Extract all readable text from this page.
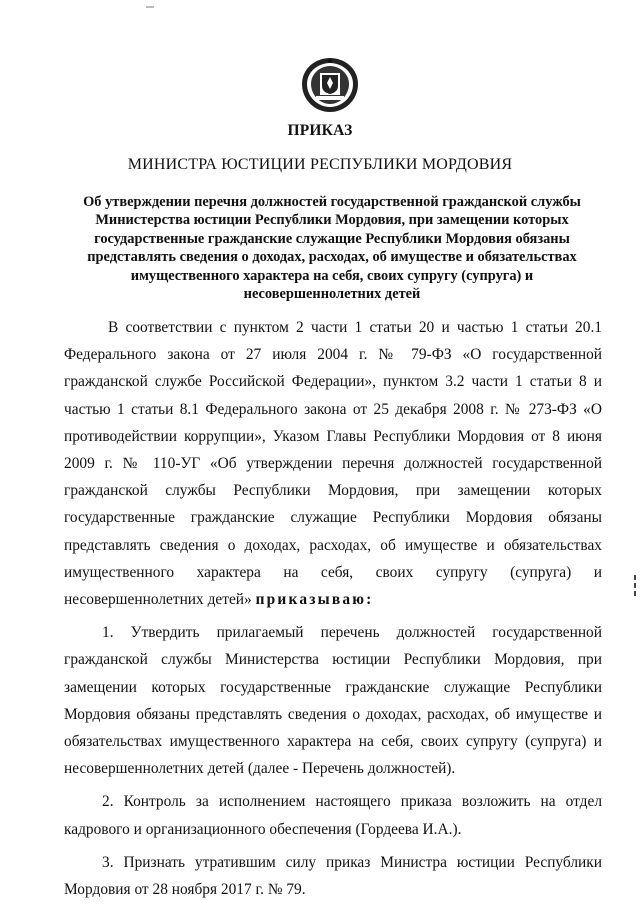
ПРИКАЗ
МИНИСТРА ЮСТИЦИИ РЕСПУБЛИКИ МОРДОВИЯ
Об утверждении перечня должностей государственной гражданской службы
Министерства юстиции Республики Мордовия, при замещении которых
государственные гражданские служащие Республики Мордовия обязаны
представлять сведения о доходах, расходах, об имуществе и обязательствах
имущественного характера на себя, своих супругу (супруга) и
несовершеннолетних детей

В соответствии с пунктом 2 части 1 статьи 20 и частью 1 статьи 20.1 Федерального закона от 27 июля 2004 г. № 79-ФЗ «О государственной гражданской службе Российской Федерации», пунктом 3.2 части 1 статьи 8 и частью 1 статьи 8.1 Федерального закона от 25 декабря 2008 г. № 273-ФЗ «О противодействии коррупции», Указом Главы Республики Мордовия от 8 июня 2009 г. № 110-УГ «Об утверждении перечня должностей государственной гражданской службы Республики Мордовия, при замещении которых государственные гражданские служащие Республики Мордовия обязаны представлять сведения о доходах, расходах, об имуществе и обязательствах имущественного характера на себя, своих супругу (супруга) и несовершеннолетних детей» приказываю:

1. Утвердить прилагаемый перечень должностей государственной гражданской службы Министерства юстиции Республики Мордовия, при замещении которых государственные гражданские служащие Республики Мордовия обязаны представлять сведения о доходах, расходах, об имуществе и обязательствах имущественного характера на себя, своих супругу (супруга) и несовершеннолетних детей (далее - Перечень должностей).

2. Контроль за исполнением настоящего приказа возложить на отдел кадрового и организационного обеспечения (Гордеева И.А.).

3. Признать утратившим силу приказ Министра юстиции Республики Мордовия от 28 ноября 2017 г. № 79.
